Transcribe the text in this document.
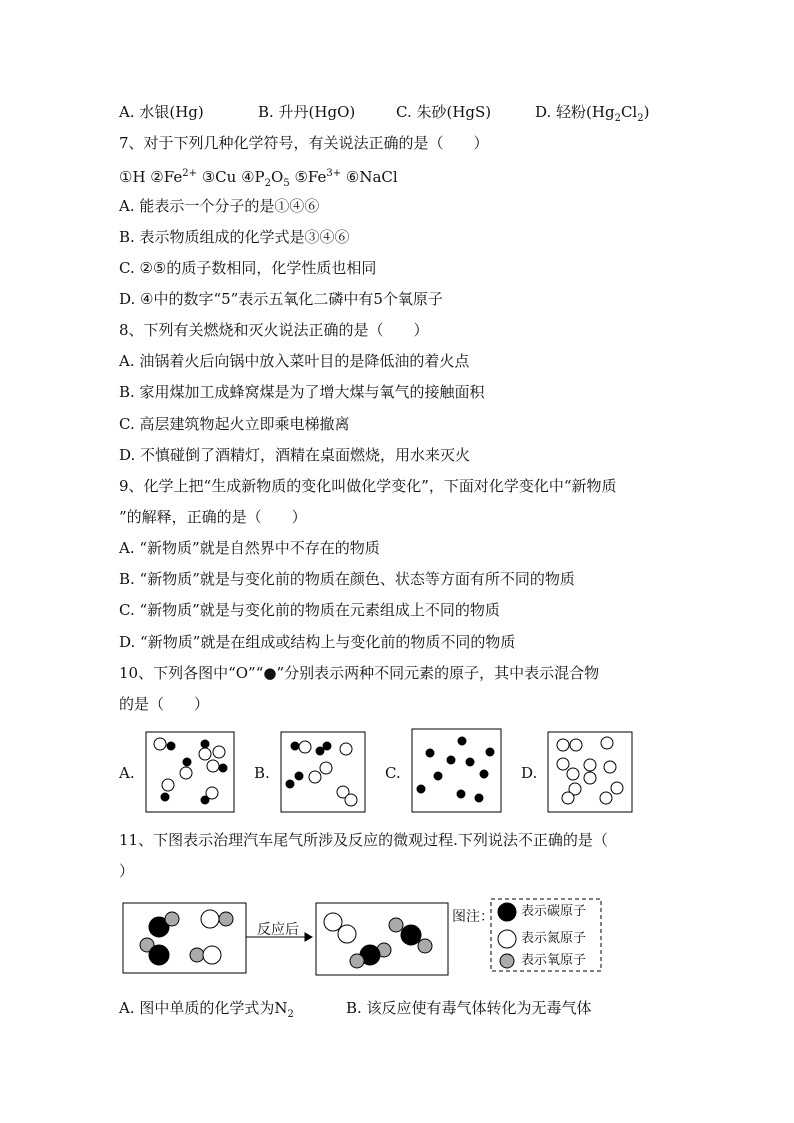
A. 水银(Hg)	B. 升丹(HgO)	C. 朱砂(HgS)	D. 轻粉$(Hg_2Cl_2)$
7、对于下列几种化学符号，有关说法正确的是（　　）
①H $②Fe^{2+}$ ③Cu $④P_2O_5$ $⑤Fe^{3+}$ ⑥NaCl
A. 能表示一个分子的是①④⑥
B. 表示物质组成的化学式是③④⑥
C. ②⑤的质子数相同，化学性质也相同
D. ④中的数字“5”表示五氧化二磷中有5个氧原子
8、下列有关燃烧和灭火说法正确的是（　　）
A. 油锅着火后向锅中放入菜叶目的是降低油的着火点
B. 家用煤加工成蜂窝煤是为了增大煤与氧气的接触面积
C. 高层建筑物起火立即乘电梯撤离
D. 不慎碰倒了酒精灯，酒精在桌面燃烧，用水来灭火
9、化学上把“生成新物质的变化叫做化学变化”，下面对化学变化中“新物质
”的解释，正确的是（　　）
A. “新物质”就是自然界中不存在的物质
B. “新物质”就是与变化前的物质在颜色、状态等方面有所不同的物质
C. “新物质”就是与变化前的物质在元素组成上不同的物质
D. “新物质”就是在组成或结构上与变化前的物质不同的物质
10、下列各图中“O”“●”分别表示两种不同元素的原子，其中表示混合物
的是（　　）
A.	B.	C.	D.
11、下图表示治理汽车尾气所涉及反应的微观过程.下列说法不正确的是（
）
反应后
图注： 表示碳原子
表示氮原子
表示氧原子
A. 图中单质的化学式为$N_2$	B. 该反应使有毒气体转化为无毒气体
